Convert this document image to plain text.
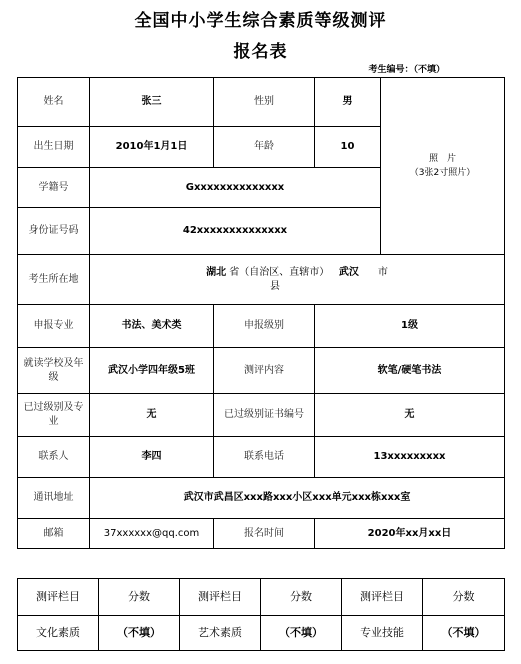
全国中小学生综合素质等级测评
报名表
考生编号：（不填）
姓名	张三	性别	男	照　片
（3张2寸照片）

出生日期	2010年1月1日	年龄	10	
学籍号	Gxxxxxxxxxxxxxx			
身份证号码	42xxxxxxxxxxxxxx			
考生所在地	湖北 省（自治区、直辖市） 武汉 市
县			
申报专业	书法、美术类	申报级别	1级	
就读学校及年级	武汉小学四年级5班	测评内容	软笔/硬笔书法	
已过级别及专业	无	已过级别证书编号	无	
联系人	李四	联系电话	13xxxxxxxxx	
通讯地址	武汉市武昌区xxx路xxx小区xxx单元xxx栋xxx室			
邮箱	37xxxxxx@qq.com	报名时间	2020年xx月xx日	
测评栏目	分数	测评栏目	分数	测评栏目	分数
文化素质	（不填）	艺术素质	（不填）	专业技能	（不填）
